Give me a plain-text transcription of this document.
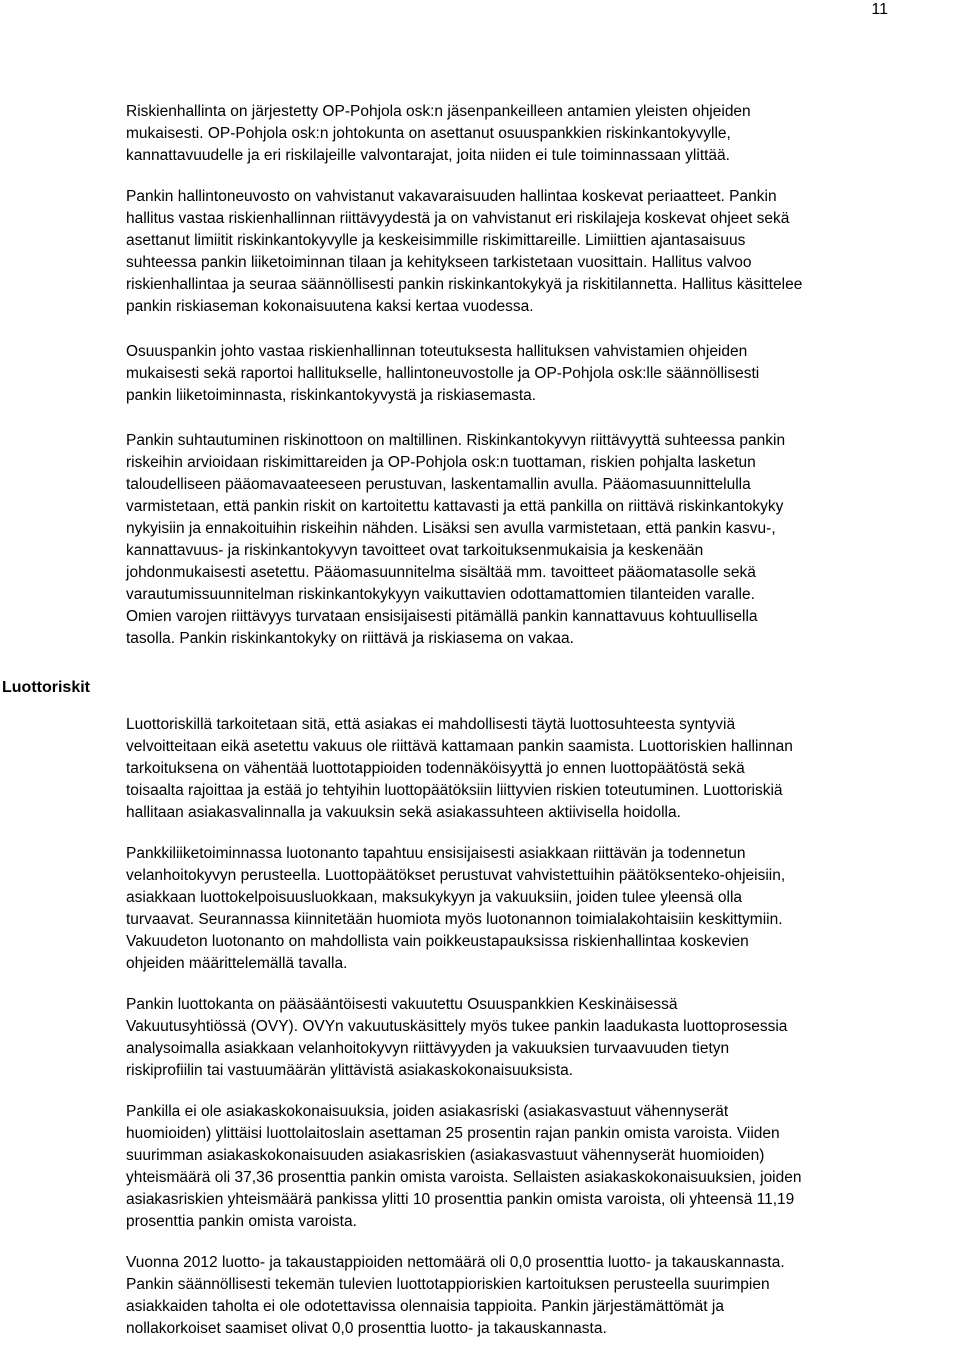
11
Luottoriskit

Riskienhallinta on järjestetty OP-Pohjola osk:n jäsenpankeilleen antamien yleisten ohjeiden
mukaisesti. OP-Pohjola osk:n johtokunta on asettanut osuuspankkien riskinkantokyvylle,
kannattavuudelle ja eri riskilajeille valvontarajat, joita niiden ei tule toiminnassaan ylittää.

Pankin hallintoneuvosto on vahvistanut vakavaraisuuden hallintaa koskevat periaatteet. Pankin
hallitus vastaa riskienhallinnan riittävyydestä ja on vahvistanut eri riskilajeja koskevat ohjeet sekä
asettanut limiitit riskinkantokyvylle ja keskeisimmille riskimittareille. Limiittien ajantasaisuus
suhteessa pankin liiketoiminnan tilaan ja kehitykseen tarkistetaan vuosittain. Hallitus valvoo
riskienhallintaa ja seuraa säännöllisesti pankin riskinkantokykyä ja riskitilannetta. Hallitus käsittelee
pankin riskiaseman kokonaisuutena kaksi kertaa vuodessa.

Osuuspankin johto vastaa riskienhallinnan toteutuksesta hallituksen vahvistamien ohjeiden
mukaisesti sekä raportoi hallitukselle, hallintoneuvostolle ja OP-Pohjola osk:lle säännöllisesti
pankin liiketoiminnasta, riskinkantokyvystä ja riskiasemasta.

Pankin suhtautuminen riskinottoon on maltillinen. Riskinkantokyvyn riittävyyttä suhteessa pankin
riskeihin arvioidaan riskimittareiden ja OP-Pohjola osk:n tuottaman, riskien pohjalta lasketun
taloudelliseen pääomavaateeseen perustuvan, laskentamallin avulla. Pääomasuunnittelulla
varmistetaan, että pankin riskit on kartoitettu kattavasti ja että pankilla on riittävä riskinkantokyky
nykyisiin ja ennakoituihin riskeihin nähden. Lisäksi sen avulla varmistetaan, että pankin kasvu-,
kannattavuus- ja riskinkantokyvyn tavoitteet ovat tarkoituksenmukaisia ja keskenään
johdonmukaisesti asetettu. Pääomasuunnitelma sisältää mm. tavoitteet pääomatasolle sekä
varautumissuunnitelman riskinkantokykyyn vaikuttavien odottamattomien tilanteiden varalle.
Omien varojen riittävyys turvataan ensisijaisesti pitämällä pankin kannattavuus kohtuullisella
tasolla. Pankin riskinkantokyky on riittävä ja riskiasema on vakaa.

Luottoriskillä tarkoitetaan sitä, että asiakas ei mahdollisesti täytä luottosuhteesta syntyviä
velvoitteitaan eikä asetettu vakuus ole riittävä kattamaan pankin saamista. Luottoriskien hallinnan
tarkoituksena on vähentää luottotappioiden todennäköisyyttä jo ennen luottopäätöstä sekä
toisaalta rajoittaa ja estää jo tehtyihin luottopäätöksiin liittyvien riskien toteutuminen. Luottoriskiä
hallitaan asiakasvalinnalla ja vakuuksin sekä asiakassuhteen aktiivisella hoidolla.

Pankkiliiketoiminnassa luotonanto tapahtuu ensisijaisesti asiakkaan riittävän ja todennetun
velanhoitokyvyn perusteella. Luottopäätökset perustuvat vahvistettuihin päätöksenteko-ohjeisiin,
asiakkaan luottokelpoisuusluokkaan, maksukykyyn ja vakuuksiin, joiden tulee yleensä olla
turvaavat. Seurannassa kiinnitetään huomiota myös luotonannon toimialakohtaisiin keskittymiin.
Vakuudeton luotonanto on mahdollista vain poikkeustapauksissa riskienhallintaa koskevien
ohjeiden määrittelemällä tavalla.

Pankin luottokanta on pääsääntöisesti vakuutettu Osuuspankkien Keskinäisessä
Vakuutusyhtiössä (OVY). OVYn vakuutuskäsittely myös tukee pankin laadukasta luottoprosessia
analysoimalla asiakkaan velanhoitokyvyn riittävyyden ja vakuuksien turvaavuuden tietyn
riskiprofiilin tai vastuumäärän ylittävistä asiakaskokonaisuuksista.

Pankilla ei ole asiakaskokonaisuuksia, joiden asiakasriski (asiakasvastuut vähennyserät
huomioiden) ylittäisi luottolaitoslain asettaman 25 prosentin rajan pankin omista varoista. Viiden
suurimman asiakaskokonaisuuden asiakasriskien (asiakasvastuut vähennyserät huomioiden)
yhteismäärä oli 37,36 prosenttia pankin omista varoista. Sellaisten asiakaskokonaisuuksien, joiden
asiakasriskien yhteismäärä pankissa ylitti 10 prosenttia pankin omista varoista, oli yhteensä 11,19
prosenttia pankin omista varoista.

Vuonna 2012 luotto- ja takaustappioiden nettomäärä oli 0,0 prosenttia luotto- ja takauskannasta.
Pankin säännöllisesti tekemän tulevien luottotappioriskien kartoituksen perusteella suurimpien
asiakkaiden taholta ei ole odotettavissa olennaisia tappioita. Pankin järjestämättömät ja
nollakorkoiset saamiset olivat 0,0 prosenttia luotto- ja takauskannasta.
